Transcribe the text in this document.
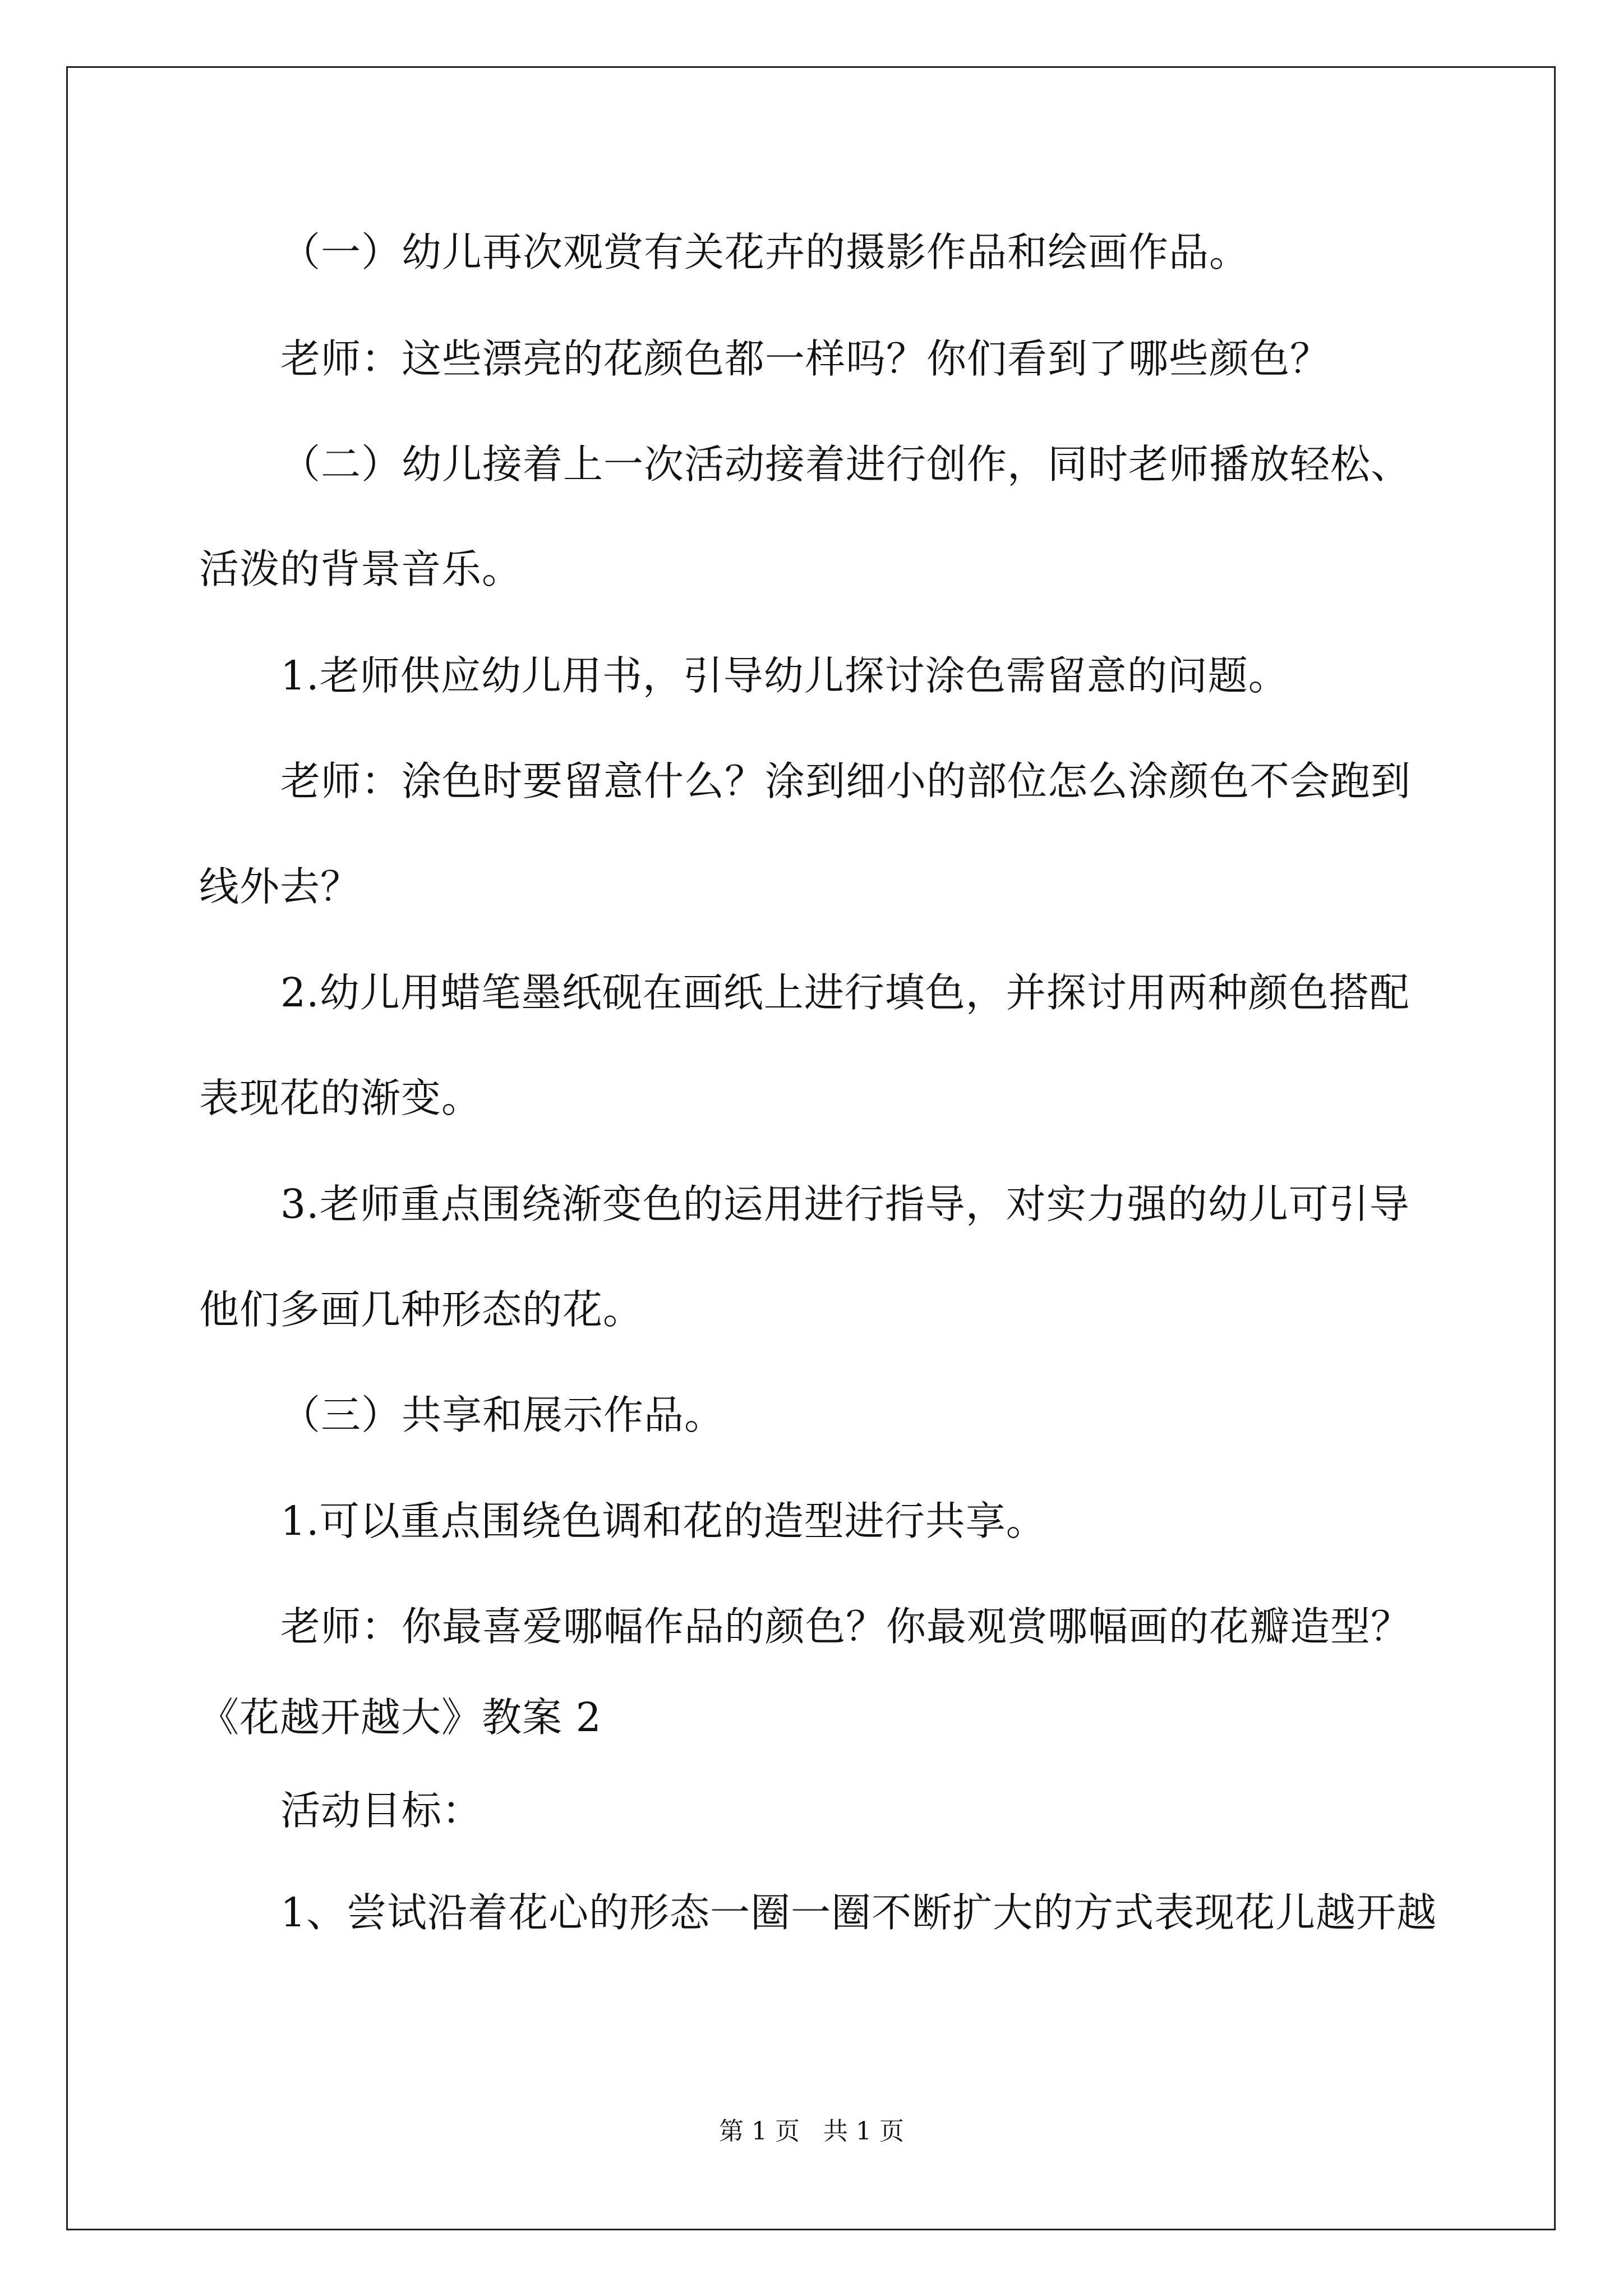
（一）幼儿再次观赏有关花卉的摄影作品和绘画作品。
老师：这些漂亮的花颜色都一样吗？你们看到了哪些颜色？
（二）幼儿接着上一次活动接着进行创作，同时老师播放轻松、
活泼的背景音乐。
1.老师供应幼儿用书，引导幼儿探讨涂色需留意的问题。
老师：涂色时要留意什么？涂到细小的部位怎么涂颜色不会跑到
线外去？
2.幼儿用蜡笔墨纸砚在画纸上进行填色，并探讨用两种颜色搭配
表现花的渐变。
3.老师重点围绕渐变色的运用进行指导，对实力强的幼儿可引导
他们多画几种形态的花。
（三）共享和展示作品。
1.可以重点围绕色调和花的造型进行共享。
老师：你最喜爱哪幅作品的颜色？你最观赏哪幅画的花瓣造型？
《花越开越大》教案 2
活动目标：
1、尝试沿着花心的形态一圈一圈不断扩大的方式表现花儿越开越
第 1 页   共 1 页
